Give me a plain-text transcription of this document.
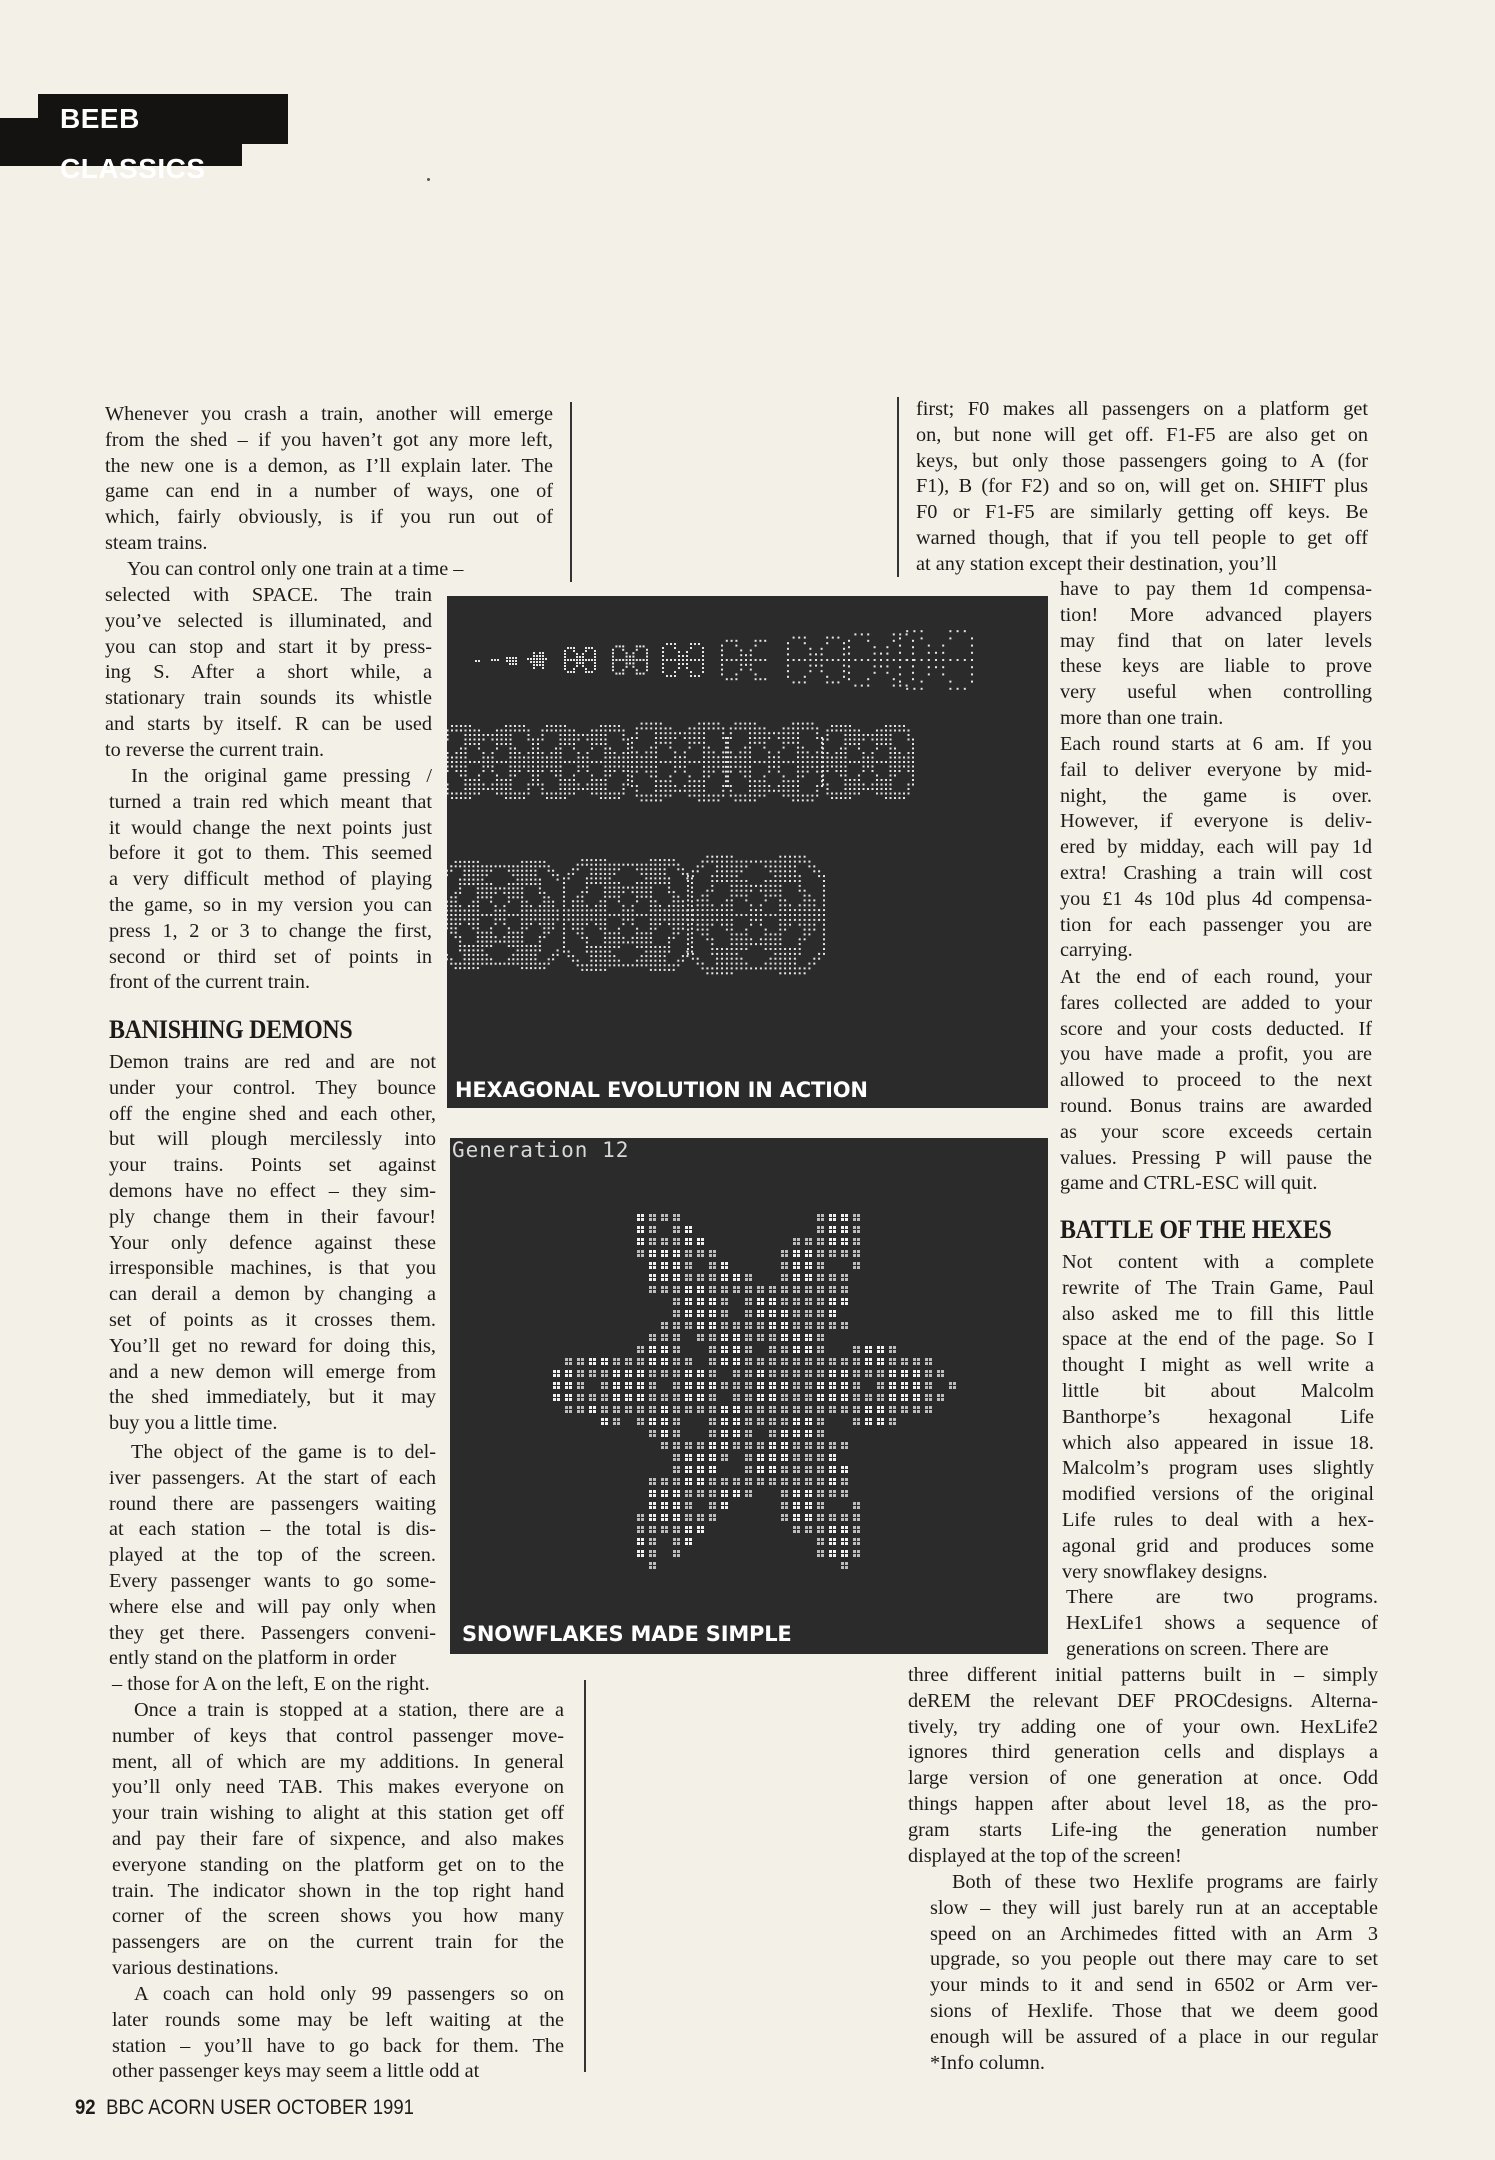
BEEB CLASSICS
Whenever you crash a train, another will emerge
from the shed – if you haven’t got any more left,
the new one is a demon, as I’ll explain later. The
game can end in a number of ways, one of
which, fairly obviously, is if you run out of
steam trains.
You can control only one train at a time –
selected with SPACE. The train
you’ve selected is illuminated, and
you can stop and start it by press-
ing S. After a short while, a
stationary train sounds its whistle
and starts by itself. R can be used
to reverse the current train.
In the original game pressing /
turned a train red which meant that
it would change the next points just
before it got to them. This seemed
a very difficult method of playing
the game, so in my version you can
press 1, 2 or 3 to change the first,
second or third set of points in
front of the current train.
BANISHING DEMONS
Demon trains are red and are not
under your control. They bounce
off the engine shed and each other,
but will plough mercilessly into
your trains. Points set against
demons have no effect – they sim-
ply change them in their favour!
Your only defence against these
irresponsible machines, is that you
can derail a demon by changing a
set of points as it crosses them.
You’ll get no reward for doing this,
and a new demon will emerge from
the shed immediately, but it may
buy you a little time.
The object of the game is to del-
iver passengers. At the start of each
round there are passengers waiting
at each station – the total is dis-
played at the top of the screen.
Every passenger wants to go some-
where else and will pay only when
they get there. Passengers conveni-
ently stand on the platform in order
– those for A on the left, E on the right.
Once a train is stopped at a station, there are a
number of keys that control passenger move-
ment, all of which are my additions. In general
you’ll only need TAB. This makes everyone on
your train wishing to alight at this station get off
and pay their fare of sixpence, and also makes
everyone standing on the platform get on to the
train. The indicator shown in the top right hand
corner of the screen shows you how many
passengers are on the current train for the
various destinations.
A coach can hold only 99 passengers so on
later rounds some may be left waiting at the
station – you’ll have to go back for them. The
other passenger keys may seem a little odd at
first; F0 makes all passengers on a platform get
on, but none will get off. F1-F5 are also get on
keys, but only those passengers going to A (for
F1), B (for F2) and so on, will get on. SHIFT plus
F0 or F1-F5 are similarly getting off keys. Be
warned though, that if you tell people to get off
at any station except their destination, you’ll
have to pay them 1d compensa-
tion! More advanced players
may find that on later levels
these keys are liable to prove
very useful when controlling
more than one train.
Each round starts at 6 am. If you
fail to deliver everyone by mid-
night, the game is over.
However, if everyone is deliv-
ered by midday, each will pay 1d
extra! Crashing a train will cost
you £1 4s 10d plus 4d compensa-
tion for each passenger you are
carrying.
At the end of each round, your
fares collected are added to your
score and your costs deducted. If
you have made a profit, you are
allowed to proceed to the next
round. Bonus trains are awarded
as your score exceeds certain
values. Pressing P will pause the
game and CTRL-ESC will quit.
BATTLE OF THE HEXES
Not content with a complete
rewrite of The Train Game, Paul
also asked me to fill this little
space at the end of the page. So I
thought I might as well write a
little bit about Malcolm
Banthorpe’s hexagonal Life
which also appeared in issue 18.
Malcolm’s program uses slightly
modified versions of the original
Life rules to deal with a hex-
agonal grid and produces some
very snowflakey designs.
There are two programs.
HexLife1 shows a sequence of
generations on screen. There are
three different initial patterns built in – simply
deREM the relevant DEF PROCdesigns. Alterna-
tively, try adding one of your own. HexLife2
ignores third generation cells and displays a
large version of one generation at once. Odd
things happen after about level 18, as the pro-
gram starts Life-ing the generation number
displayed at the top of the screen!
Both of these two Hexlife programs are fairly
slow – they will just barely run at an acceptable
speed on an Archimedes fitted with an Arm 3
upgrade, so you people out there may care to set
your minds to it and send in 6502 or Arm ver-
sions of Hexlife. Those that we deem good
enough will be assured of a place in our regular
*Info column.
HEXAGONAL EVOLUTION IN ACTION
Generation 12
SNOWFLAKES MADE SIMPLE
92 BBC ACORN USER OCTOBER 1991
